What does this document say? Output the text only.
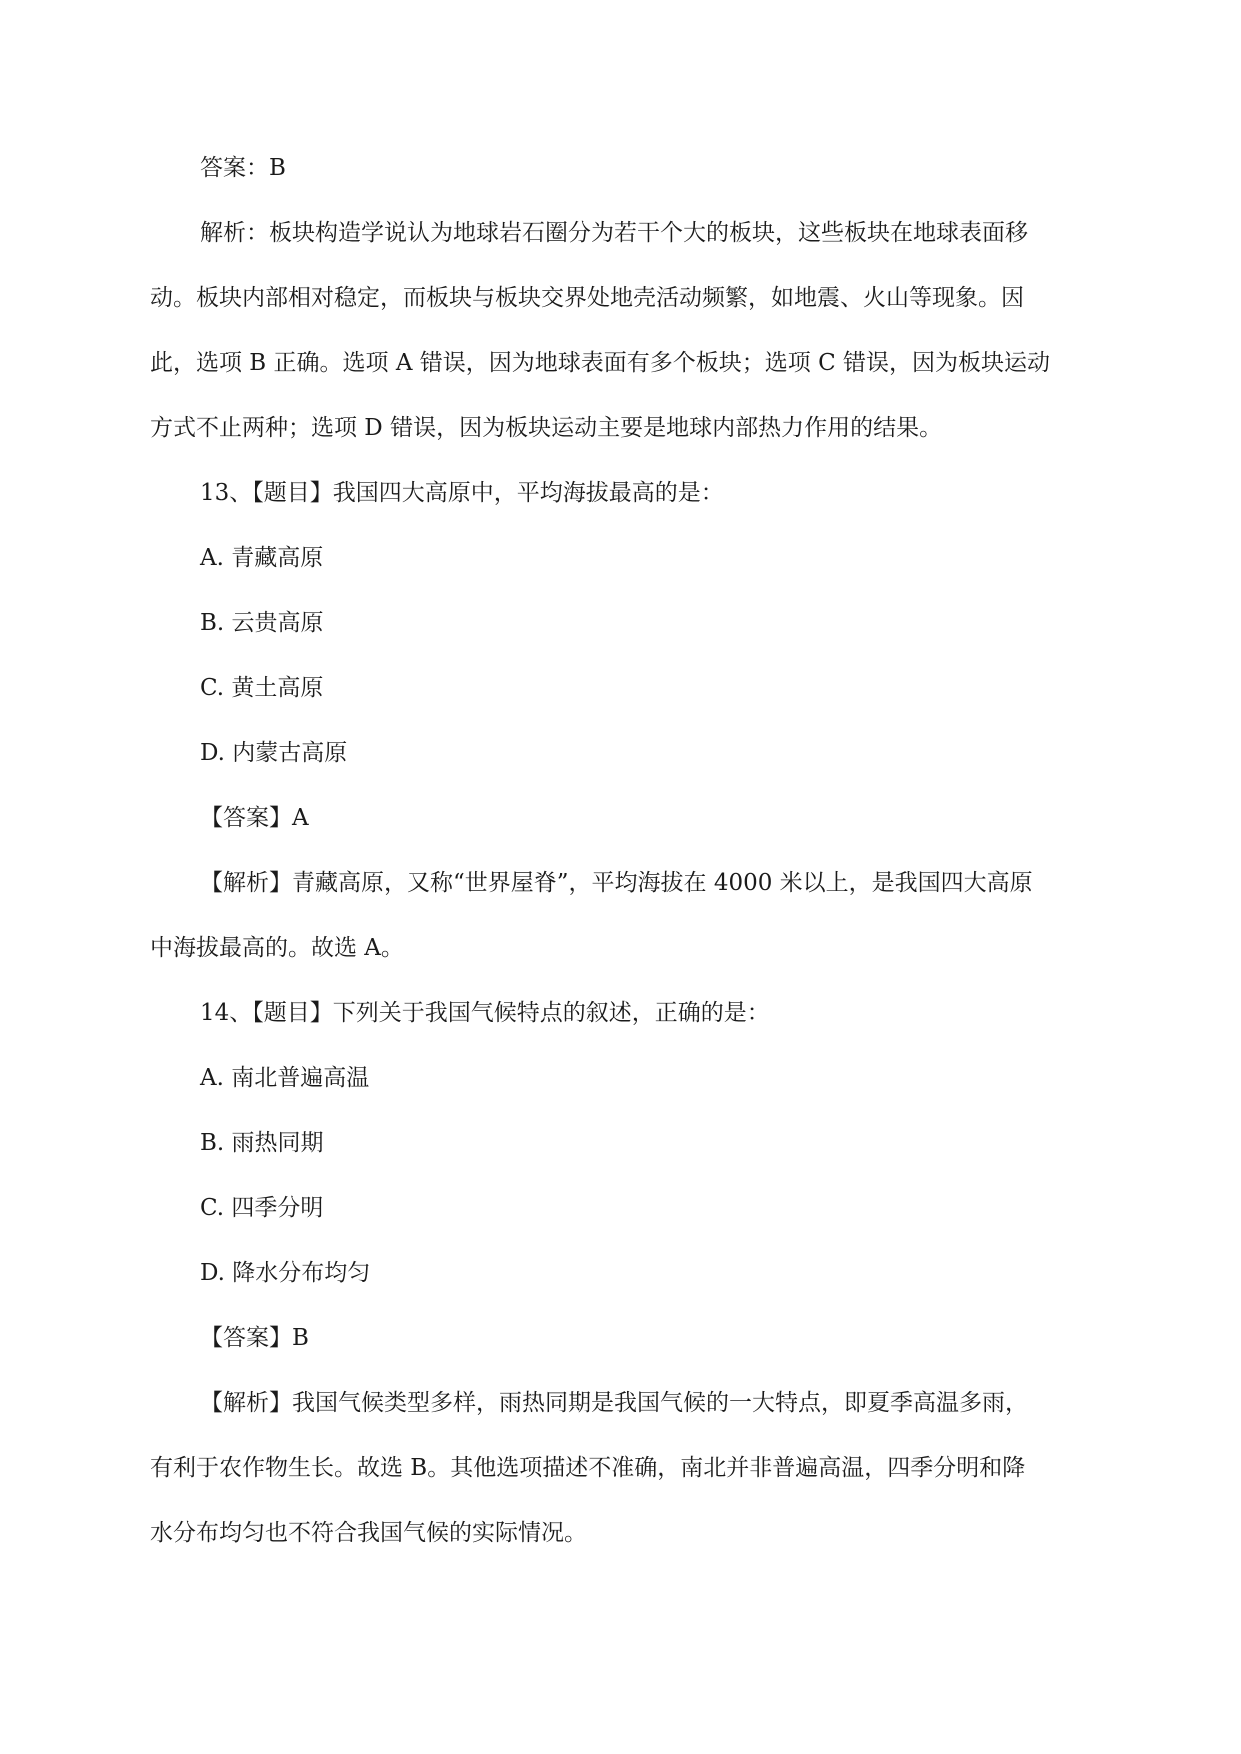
答案：B
解析：板块构造学说认为地球岩石圈分为若干个大的板块，这些板块在地球表面移
动。板块内部相对稳定，而板块与板块交界处地壳活动频繁，如地震、火山等现象。因
此，选项 B 正确。选项 A 错误，因为地球表面有多个板块；选项 C 错误，因为板块运动
方式不止两种；选项 D 错误，因为板块运动主要是地球内部热力作用的结果。
13、【题目】我国四大高原中，平均海拔最高的是：
A. 青藏高原
B. 云贵高原
C. 黄土高原
D. 内蒙古高原
【答案】A
【解析】青藏高原，又称“世界屋脊”，平均海拔在 4000 米以上，是我国四大高原
中海拔最高的。故选 A。
14、【题目】下列关于我国气候特点的叙述，正确的是：
A. 南北普遍高温
B. 雨热同期
C. 四季分明
D. 降水分布均匀
【答案】B
【解析】我国气候类型多样，雨热同期是我国气候的一大特点，即夏季高温多雨，
有利于农作物生长。故选 B。其他选项描述不准确，南北并非普遍高温，四季分明和降
水分布均匀也不符合我国气候的实际情况。
